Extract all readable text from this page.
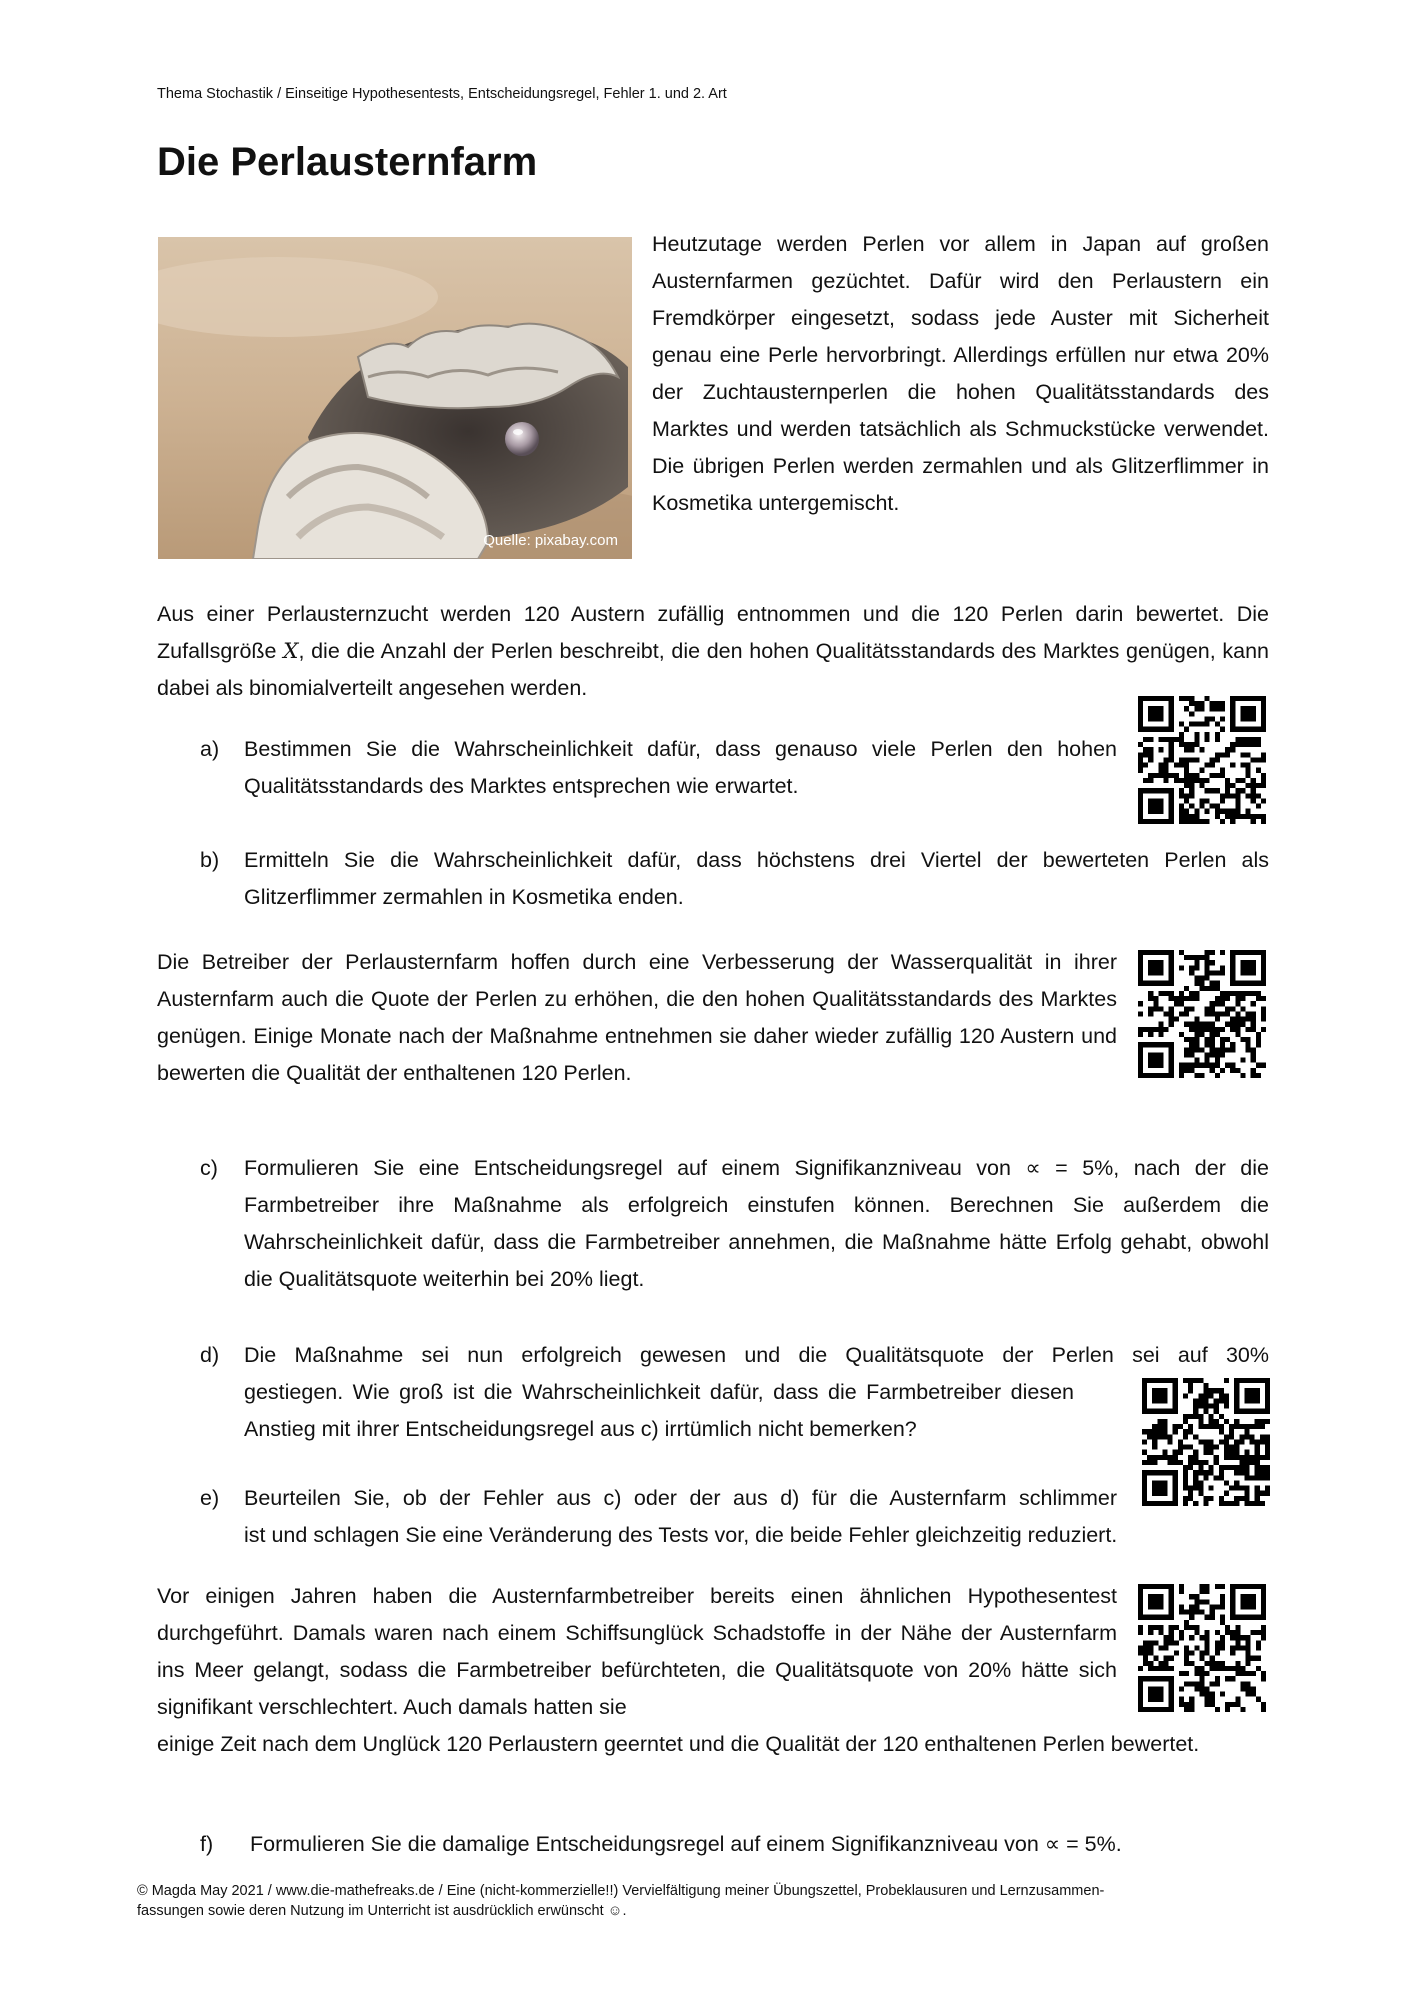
Thema Stochastik / Einseitige Hypothesentests, Entscheidungsregel, Fehler 1. und 2. Art
Die Perlausternfarm
Quelle: pixabay.com

Heutzutage werden Perlen vor allem in Japan auf großen Austernfarmen gezüchtet. Dafür wird den Perlaustern ein Fremdkörper eingesetzt, sodass jede Auster mit Sicherheit genau eine Perle hervorbringt. Allerdings erfüllen nur etwa 20% der Zuchtausternperlen die hohen Qualitätsstandards des Marktes und werden tatsächlich als Schmuckstücke verwendet. Die übrigen Perlen werden zermahlen und als Glitzerflimmer in Kosmetika untergemischt.

Aus einer Perlausternzucht werden 120 Austern zufällig entnommen und die 120 Perlen darin bewertet. Die Zufallsgröße X, die die Anzahl der Perlen beschreibt, die den hohen Qualitätsstandards des Marktes genügen, kann dabei als binomialverteilt angesehen werden.

a) Bestimmen Sie die Wahrscheinlichkeit dafür, dass genauso viele Perlen den hohen Qualitätsstandards des Marktes entsprechen wie erwartet.
b) Ermitteln Sie die Wahrscheinlichkeit dafür, dass höchstens drei Viertel der bewerteten Perlen als Glitzerflimmer zermahlen in Kosmetika enden.

Die Betreiber der Perlausternfarm hoffen durch eine Verbesserung der Wasserqualität in ihrer Austernfarm auch die Quote der Perlen zu erhöhen, die den hohen Qualitätsstandards des Marktes genügen. Einige Monate nach der Maßnahme entnehmen sie daher wieder zufällig 120 Austern und bewerten die Qualität der enthaltenen 120 Perlen.

c) Formulieren Sie eine Entscheidungsregel auf einem Signifikanzniveau von ∝ = 5%, nach der die Farmbetreiber ihre Maßnahme als erfolgreich einstufen können. Berechnen Sie außerdem die Wahrscheinlichkeit dafür, dass die Farmbetreiber annehmen, die Maßnahme hätte Erfolg gehabt, obwohl die Qualitätsquote weiterhin bei 20% liegt.
d) Die Maßnahme sei nun erfolgreich gewesen und die Qualitätsquote der Perlen sei auf 30%
gestiegen. Wie groß ist die Wahrscheinlichkeit dafür, dass die Farmbetreiber diesen Anstieg mit ihrer Entscheidungsregel aus c) irrtümlich nicht bemerken?
e) Beurteilen Sie, ob der Fehler aus c) oder der aus d) für die Austernfarm schlimmer
ist und schlagen Sie eine Veränderung des Tests vor, die beide Fehler gleichzeitig reduziert.

Vor einigen Jahren haben die Austernfarmbetreiber bereits einen ähnlichen Hypothesentest durchgeführt. Damals waren nach einem Schiffsunglück Schadstoffe in der Nähe der Austernfarm ins Meer gelangt, sodass die Farmbetreiber befürchteten, die Qualitätsquote von 20% hätte sich signifikant verschlechtert. Auch damals hatten sie
einige Zeit nach dem Unglück 120 Perlaustern geerntet und die Qualität der 120 enthaltenen Perlen bewertet.

f) Formulieren Sie die damalige Entscheidungsregel auf einem Signifikanzniveau von ∝ = 5%.
© Magda May 2021 / www.die-mathefreaks.de / Eine (nicht-kommerzielle!!) Vervielfältigung meiner Übungszettel, Probeklausuren und Lernzusammen-
fassungen sowie deren Nutzung im Unterricht ist ausdrücklich erwünscht ☺.
